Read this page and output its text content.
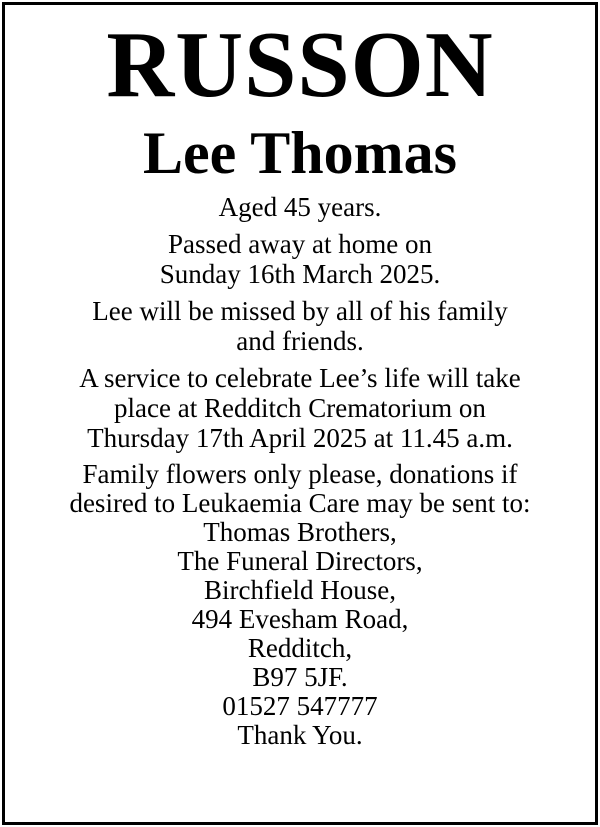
RUSSON
Lee Thomas

Aged 45 years.

Passed away at home on
Sunday 16th March 2025.

Lee will be missed by all of his family
and friends.

A service to celebrate Lee’s life will take
place at Redditch Crematorium on
Thursday 17th April 2025 at 11.45 a.m.

Family flowers only please, donations if
desired to Leukaemia Care may be sent to:
Thomas Brothers,
The Funeral Directors,
Birchfield House,
494 Evesham Road,
Redditch,
B97 5JF.
01527 547777
Thank You.
